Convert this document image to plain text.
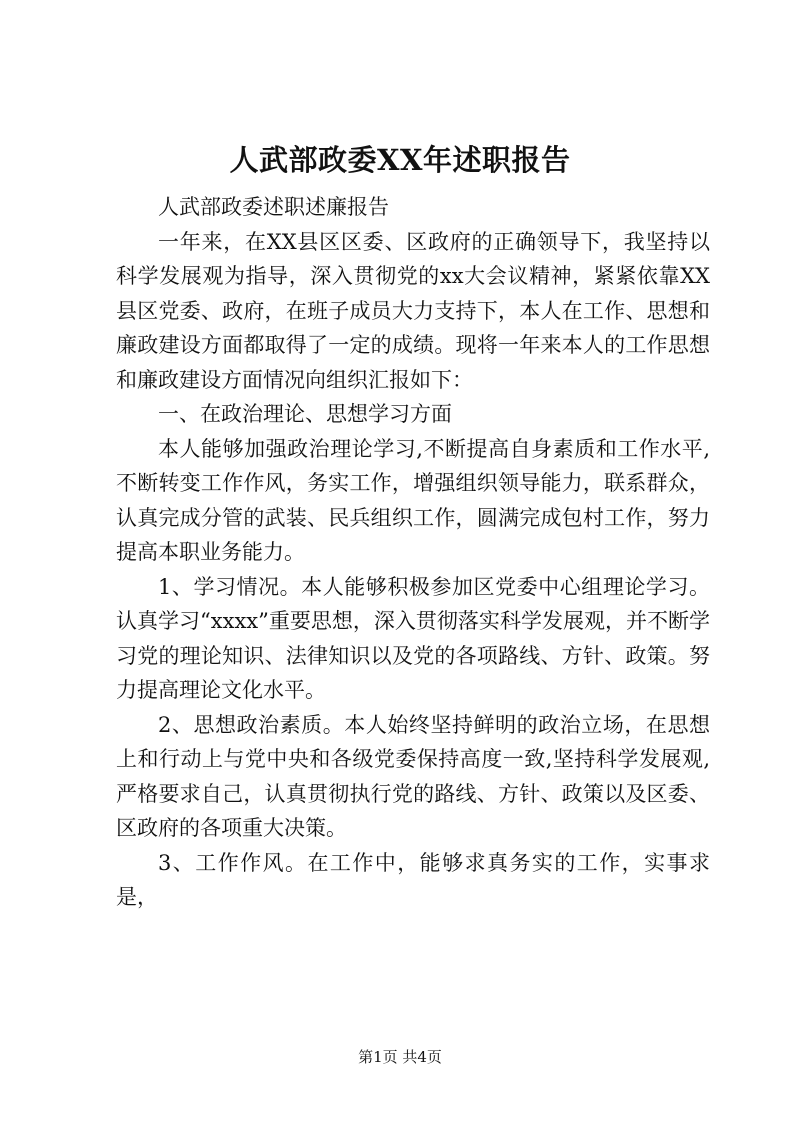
人武部政委XX年述职报告

人武部政委述职述廉报告

一年来，在XX县区区委、区政府的正确领导下，我坚持以科学发展观为指导，深入贯彻党的xx大会议精神，紧紧依靠XX县区党委、政府，在班子成员大力支持下，本人在工作、思想和廉政建设方面都取得了一定的成绩。现将一年来本人的工作思想和廉政建设方面情况向组织汇报如下：

一、在政治理论、思想学习方面

本人能够加强政治理论学习,不断提高自身素质和工作水平,不断转变工作作风，务实工作，增强组织领导能力，联系群众，认真完成分管的武装、民兵组织工作，圆满完成包村工作，努力提高本职业务能力。

1、学习情况。本人能够积极参加区党委中心组理论学习。认真学习“xxxx”重要思想，深入贯彻落实科学发展观，并不断学习党的理论知识、法律知识以及党的各项路线、方针、政策。努力提高理论文化水平。

2、思想政治素质。本人始终坚持鲜明的政治立场，在思想上和行动上与党中央和各级党委保持高度一致,坚持科学发展观,严格要求自己，认真贯彻执行党的路线、方针、政策以及区委、区政府的各项重大决策。

3、工作作风。在工作中，能够求真务实的工作，实事求是，

第1页 共4页
